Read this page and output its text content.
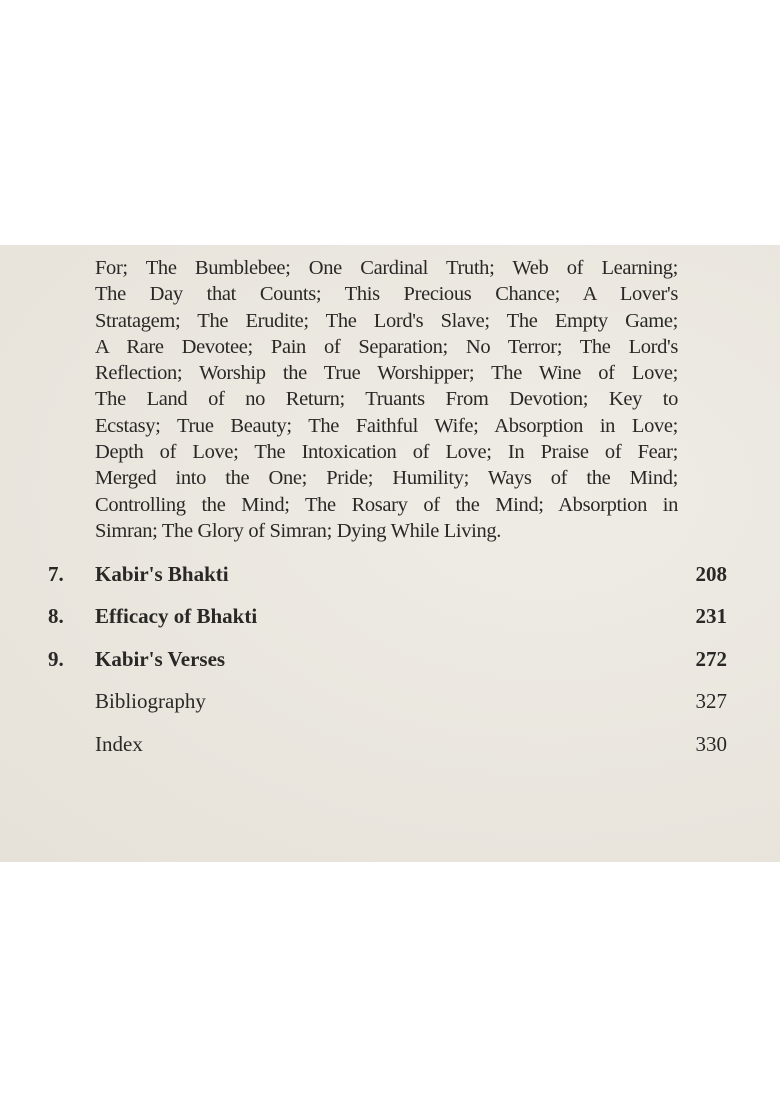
For; The Bumblebee; One Cardinal Truth; Web of Learning;
The Day that Counts; This Precious Chance; A Lover's
Stratagem; The Erudite; The Lord's Slave; The Empty Game;
A Rare Devotee; Pain of Separation; No Terror; The Lord's
Reflection; Worship the True Worshipper; The Wine of Love;
The Land of no Return; Truants From Devotion; Key to
Ecstasy; True Beauty; The Faithful Wife; Absorption in Love;
Depth of Love; The Intoxication of Love; In Praise of Fear;
Merged into the One; Pride; Humility; Ways of the Mind;
Controlling the Mind; The Rosary of the Mind; Absorption in
Simran; The Glory of Simran; Dying While Living.
7. Kabir's Bhakti	208
8. Efficacy of Bhakti	231
9. Kabir's Verses	272
Bibliography	327
Index	330
